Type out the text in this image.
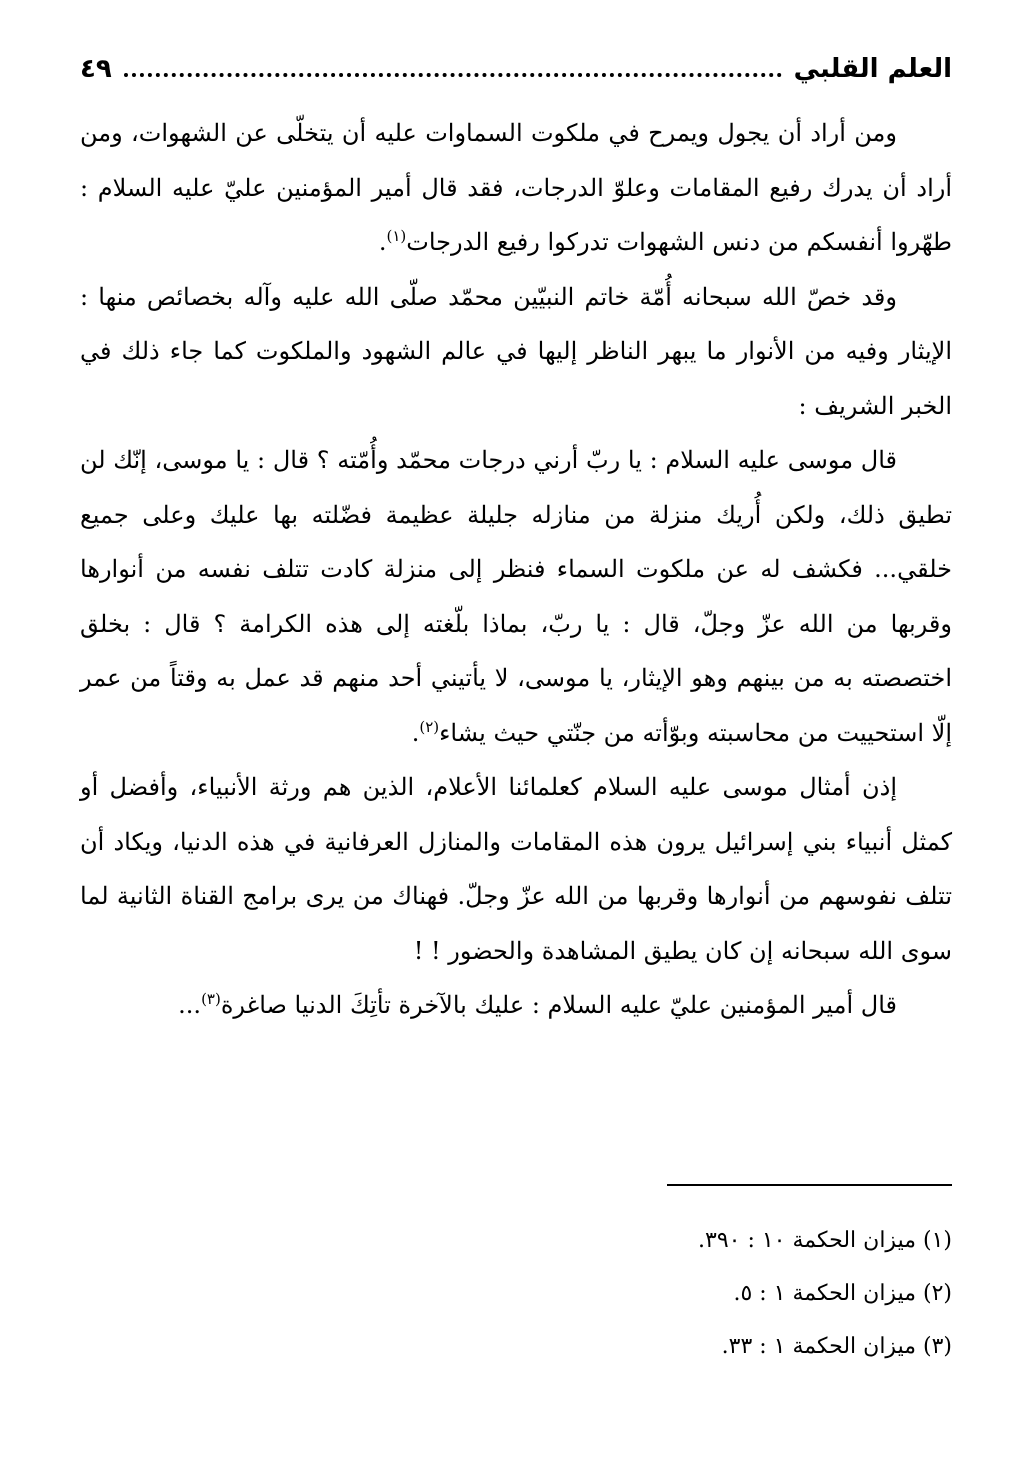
العلم القلبي
٤٩

ومن أراد أن يجول ويمرح في ملكوت السماوات عليه أن يتخلّى عن الشهوات، ومن أراد أن يدرك رفيع المقامات وعلوّ الدرجات، فقد قال أمير المؤمنين عليّ عليه السلام : طهّروا أنفسكم من دنس الشهوات تدركوا رفيع الدرجات$^{(١)}$.

وقد خصّ الله سبحانه أُمّة خاتم النبيّين محمّد صلّى الله عليه وآله بخصائص منها : الإيثار وفيه من الأنوار ما يبهر الناظر إليها في عالم الشهود والملكوت كما جاء ذلك في الخبر الشريف :

قال موسى عليه السلام : يا ربّ أرني درجات محمّد وأُمّته ؟ قال : يا موسى، إنّك لن تطيق ذلك، ولكن أُريك منزلة من منازله جليلة عظيمة فضّلته بها عليك وعلى جميع خلقي... فكشف له عن ملكوت السماء فنظر إلى منزلة كادت تتلف نفسه من أنوارها وقربها من الله عزّ وجلّ، قال : يا ربّ، بماذا بلّغته إلى هذه الكرامة ؟ قال : بخلق اختصصته به من بينهم وهو الإيثار، يا موسى، لا يأتيني أحد منهم قد عمل به وقتاً من عمر إلّا استحييت من محاسبته وبوّأته من جنّتي حيث يشاء$^{(٢)}$.

إذن أمثال موسى عليه السلام كعلمائنا الأعلام، الذين هم ورثة الأنبياء، وأفضل أو كمثل أنبياء بني إسرائيل يرون هذه المقامات والمنازل العرفانية في هذه الدنيا، ويكاد أن تتلف نفوسهم من أنوارها وقربها من الله عزّ وجلّ. فهناك من يرى برامج القناة الثانية لما سوى الله سبحانه إن كان يطيق المشاهدة والحضور ! !

قال أمير المؤمنين عليّ عليه السلام : عليك بالآخرة تأتِكَ الدنيا صاغرة$^{(٣)}$...

(١) ميزان الحكمة ١٠ : ٣٩٠.
(٢) ميزان الحكمة ١ : ٥.
(٣) ميزان الحكمة ١ : ٣٣.
